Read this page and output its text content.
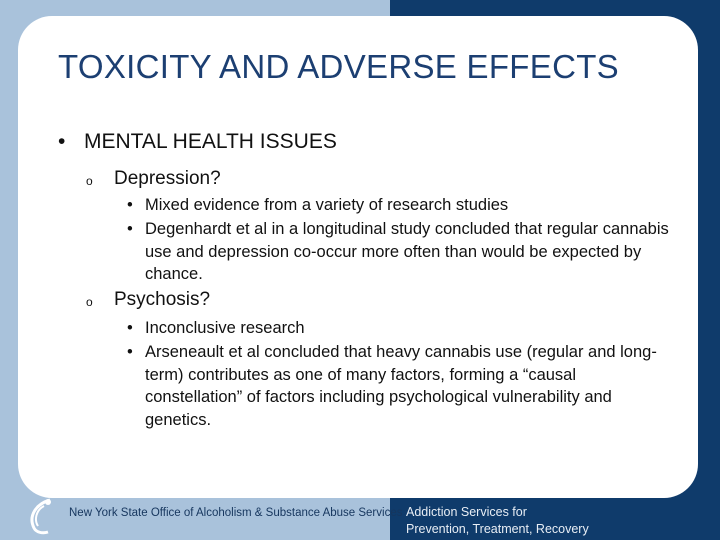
TOXICITY AND ADVERSE EFFECTS
• MENTAL HEALTH ISSUES
o Depression?
• Mixed evidence from a variety of research studies
• Degenhardt et al in a longitudinal study concluded that regular cannabis use and depression co-occur more often than would be expected by chance.
o Psychosis?
• Inconclusive research
• Arseneault et al concluded that heavy cannabis use (regular and long-term) contributes as one of many factors, forming a “causal constellation” of factors including psychological vulnerability and genetics.
New York State Office of Alcoholism & Substance Abuse Services Addiction Services for
Prevention, Treatment, Recovery
